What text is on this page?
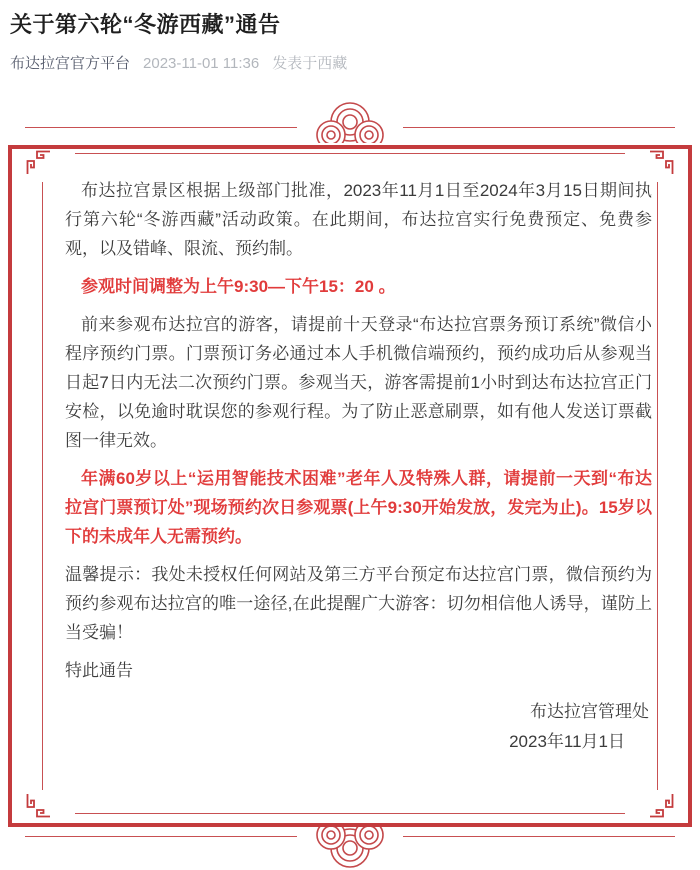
关于第六轮“冬游西藏”通告
布达拉宫官方平台 2023-11-01 11:36 发表于西藏

布达拉宫景区根据上级部门批准，2023年11月1日至2024年3月15日期间执行第六轮“冬游西藏”活动政策。在此期间，布达拉宫实行免费预定、免费参观，以及错峰、限流、预约制。

参观时间调整为上午9:30—下午15：20 。

前来参观布达拉宫的游客，请提前十天登录“布达拉宫票务预订系统”微信小程序预约门票。门票预订务必通过本人手机微信端预约，预约成功后从参观当日起7日内无法二次预约门票。参观当天，游客需提前1小时到达布达拉宫正门安检，以免逾时耽误您的参观行程。为了防止恶意刷票，如有他人发送订票截图一律无效。

年满60岁以上“运用智能技术困难”老年人及特殊人群，请提前一天到“布达拉宫门票预订处”现场预约次日参观票(上午9:30开始发放，发完为止)。15岁以下的未成年人无需预约。

温馨提示：我处未授权任何网站及第三方平台预定布达拉宫门票，微信预约为预约参观布达拉宫的唯一途径,在此提醒广大游客：切勿相信他人诱导，谨防上当受骗！

特此通告

布达拉宫管理处
2023年11月1日
